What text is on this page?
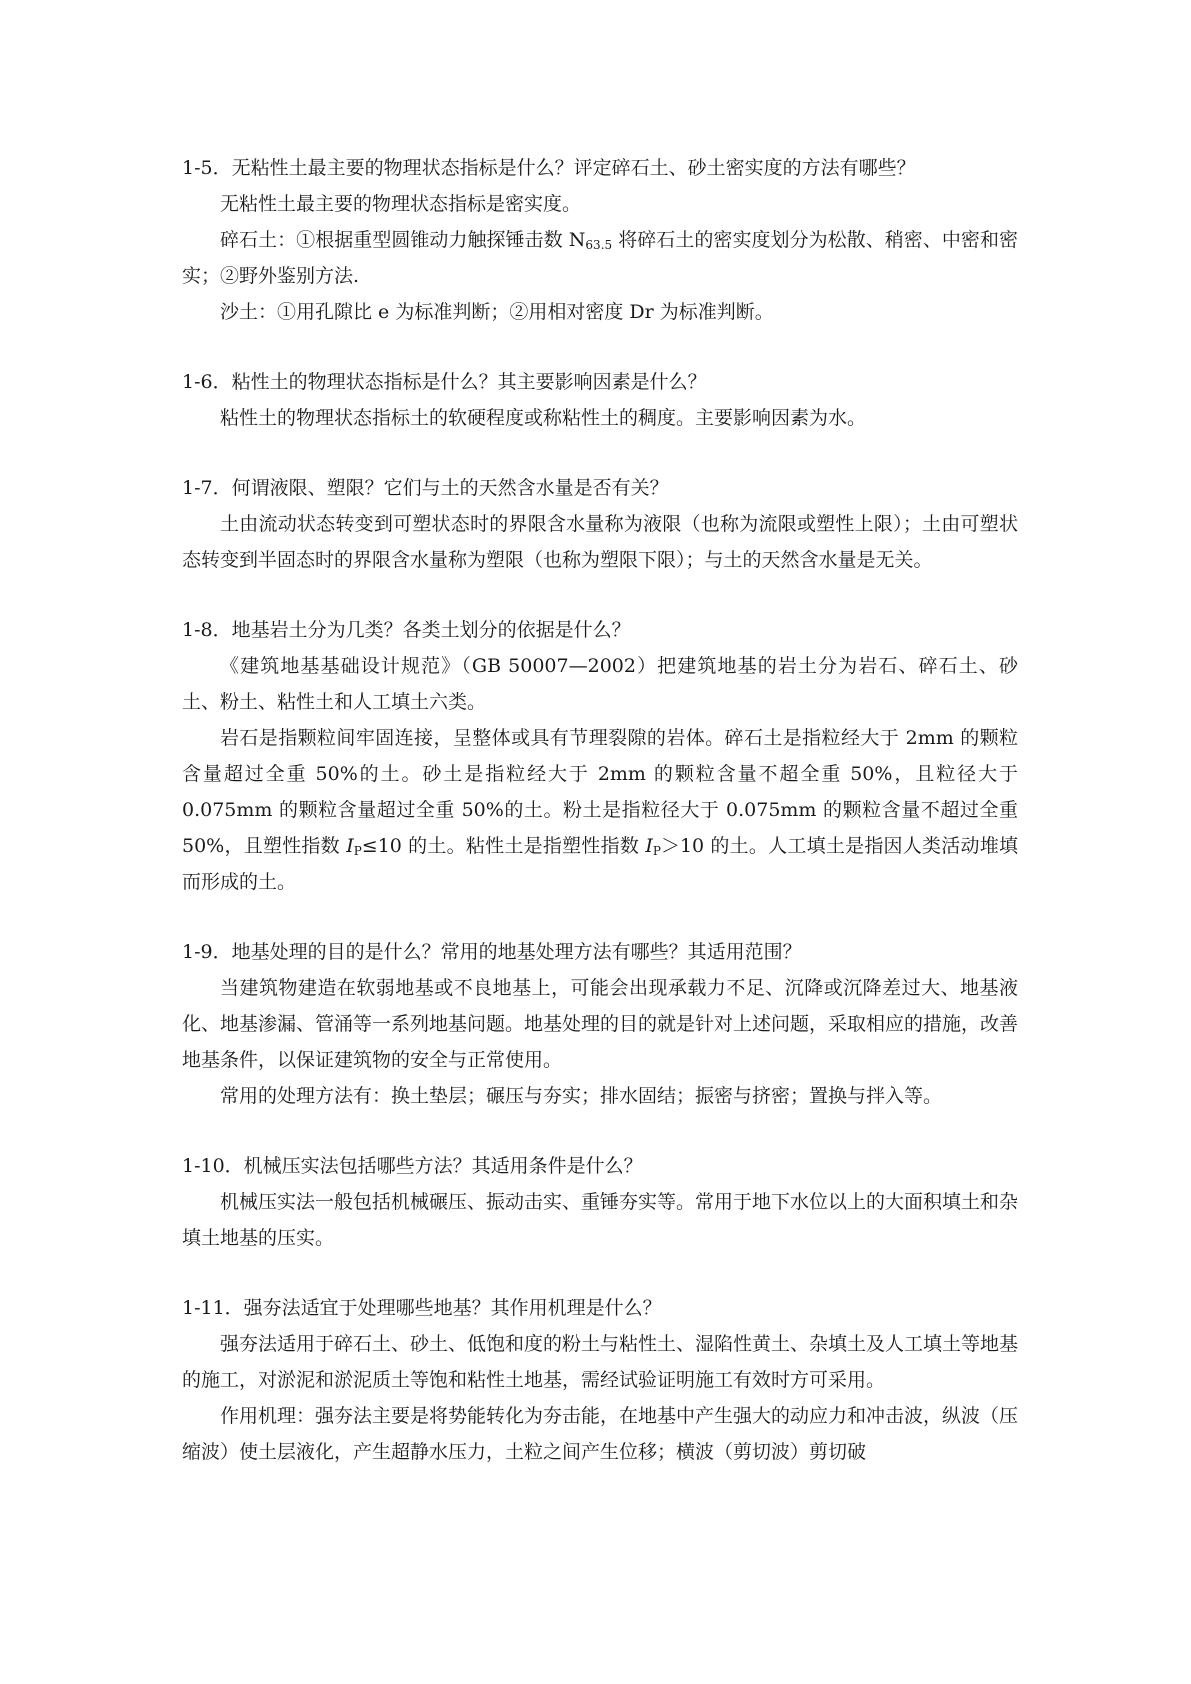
1-5．无粘性土最主要的物理状态指标是什么？评定碎石土、砂土密实度的方法有哪些？

无粘性土最主要的物理状态指标是密实度。

碎石土：①根据重型圆锥动力触探锤击数 $N_{63.5}$ 将碎石土的密实度划分为松散、稍密、中密和密实；②野外鉴别方法.

沙土：①用孔隙比 e 为标准判断；②用相对密度 Dr 为标准判断。

1-6．粘性土的物理状态指标是什么？其主要影响因素是什么？

粘性土的物理状态指标土的软硬程度或称粘性土的稠度。主要影响因素为水。

1-7．何谓液限、塑限？它们与土的天然含水量是否有关？

土由流动状态转变到可塑状态时的界限含水量称为液限（也称为流限或塑性上限）；土由可塑状态转变到半固态时的界限含水量称为塑限（也称为塑限下限）；与土的天然含水量是无关。

1-8．地基岩土分为几类？各类土划分的依据是什么？

《建筑地基基础设计规范》（GB 50007—2002）把建筑地基的岩土分为岩石、碎石土、砂土、粉土、粘性土和人工填土六类。

岩石是指颗粒间牢固连接，呈整体或具有节理裂隙的岩体。碎石土是指粒经大于 2mm 的颗粒含量超过全重 50%的土。砂土是指粒经大于 2mm 的颗粒含量不超全重 50%，且粒径大于 0.075mm 的颗粒含量超过全重 50%的土。粉土是指粒径大于 0.075mm 的颗粒含量不超过全重 50%，且塑性指数 $I_P\le 10$ 的土。粘性土是指塑性指数 $I_P>10$ 的土。人工填土是指因人类活动堆填而形成的土。

1-9．地基处理的目的是什么？常用的地基处理方法有哪些？其适用范围？

当建筑物建造在软弱地基或不良地基上，可能会出现承载力不足、沉降或沉降差过大、地基液化、地基渗漏、管涌等一系列地基问题。地基处理的目的就是针对上述问题，采取相应的措施，改善地基条件，以保证建筑物的安全与正常使用。

常用的处理方法有：换土垫层；碾压与夯实；排水固结；振密与挤密；置换与拌入等。

1-10．机械压实法包括哪些方法？其适用条件是什么？

机械压实法一般包括机械碾压、振动击实、重锤夯实等。常用于地下水位以上的大面积填土和杂填土地基的压实。

1-11．强夯法适宜于处理哪些地基？其作用机理是什么？

强夯法适用于碎石土、砂土、低饱和度的粉土与粘性土、湿陷性黄土、杂填土及人工填土等地基的施工，对淤泥和淤泥质土等饱和粘性土地基，需经试验证明施工有效时方可采用。

作用机理：强夯法主要是将势能转化为夯击能，在地基中产生强大的动应力和冲击波，纵波（压缩波）使土层液化，产生超静水压力，土粒之间产生位移；横波（剪切波）剪切破
